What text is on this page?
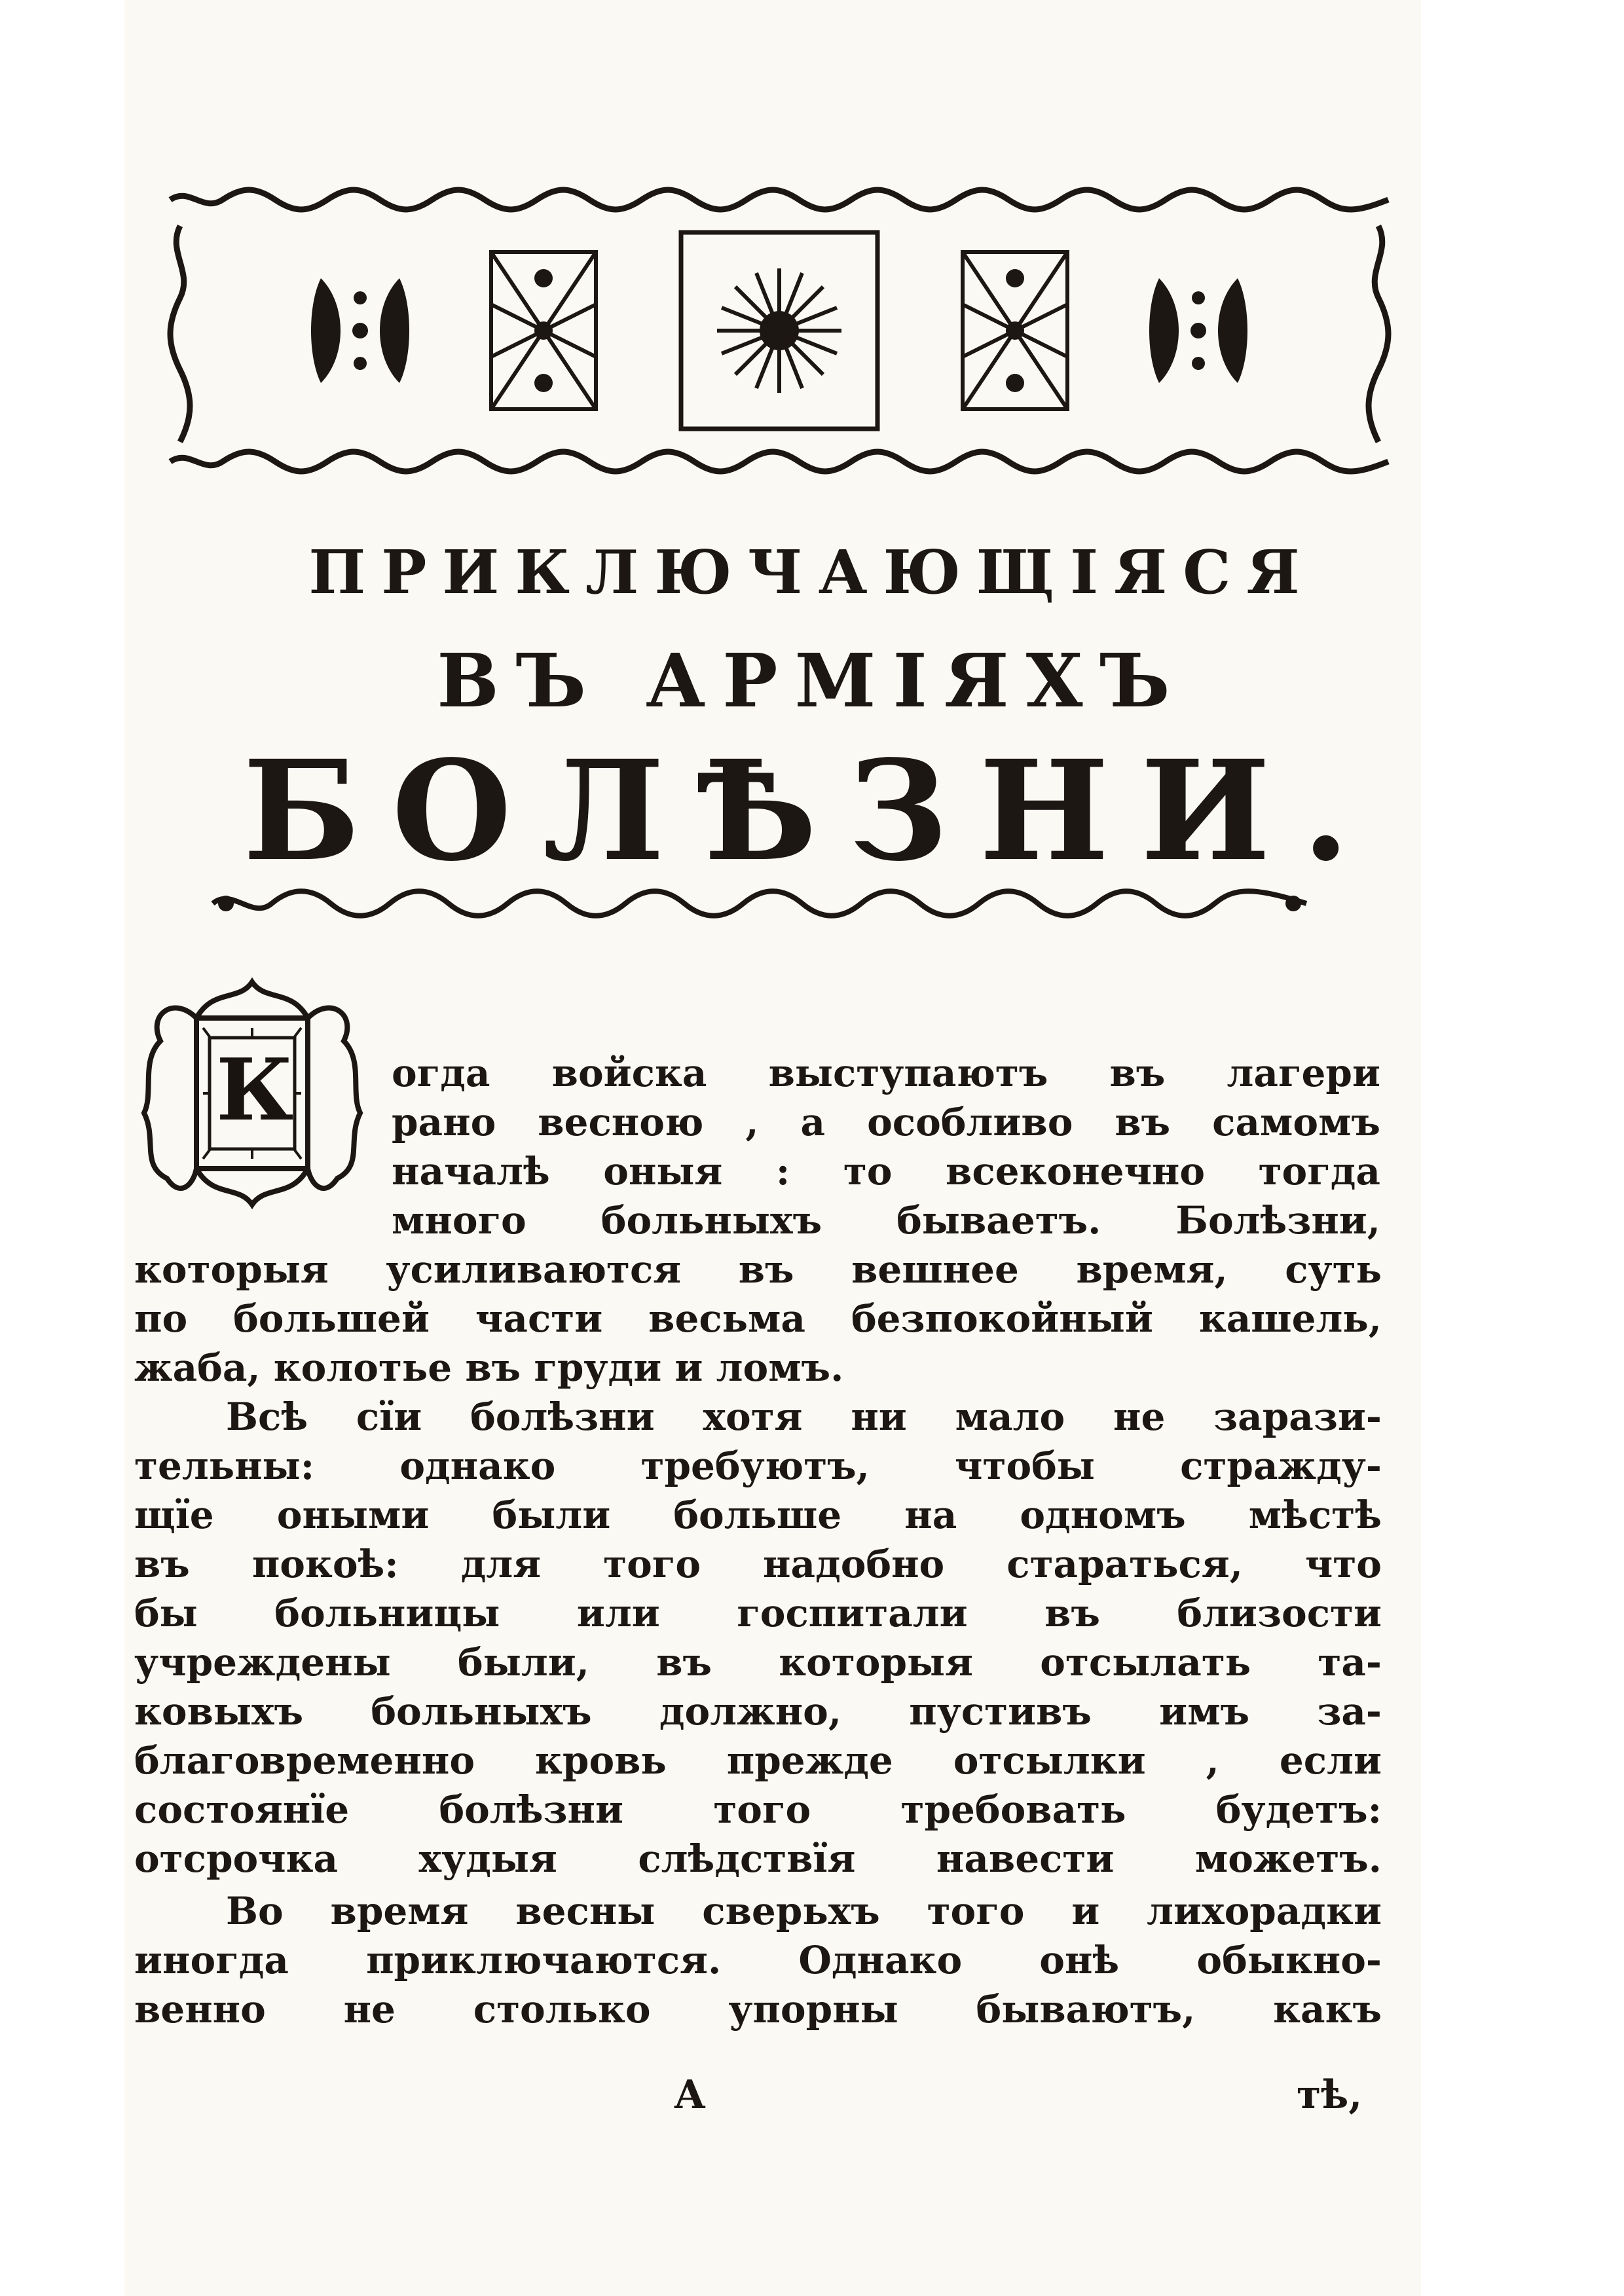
ПРИКЛЮЧАЮЩІЯСЯ
ВЪ АРМІЯХЪ
БОЛѢЗНИ.
К	огда войска выступаютъ въ лагери
рано весною , а особливо въ самомъ
началѣ оныя : то всеконечно тогда
много больныхъ бываетъ. Болѣзни,
которыя усиливаются въ вешнее время, суть
по большей части весьма безпокойный кашель,
жаба, колотье въ груди и ломъ.
Всѣ сїи болѣзни хотя ни мало не зарази-
тельны: однако требуютъ, чтобы стражду-
щїе оными были больше на одномъ мѣстѣ
въ покоѣ: для того надобно стараться, что
бы больницы или госпитали въ близости
учреждены были, въ которыя отсылать та-
ковыхъ больныхъ должно, пустивъ имъ за-
благовременно кровь прежде отсылки , если
состоянїе болѣзни того требовать будетъ:
отсрочка худыя слѣдствїя навести можетъ.
Во время весны сверьхъ того и лихорадки
иногда приключаются. Однако онѣ обыкно-
венно не столько упорны бываютъ, какъ
A	тѣ,
